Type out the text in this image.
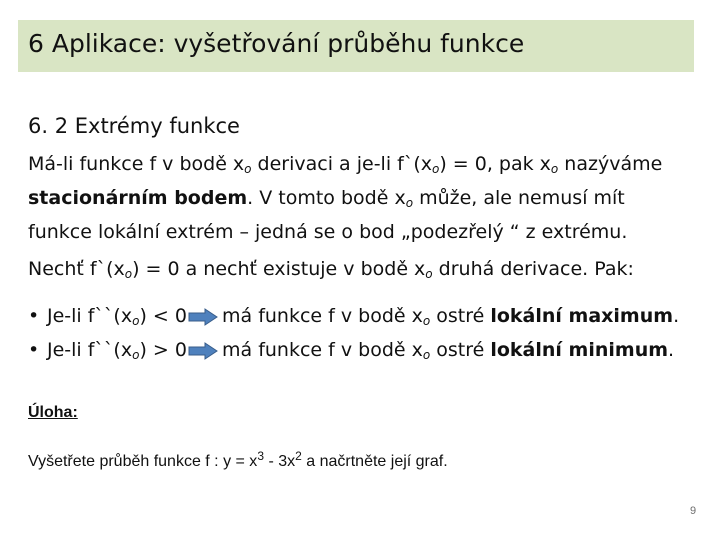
6 Aplikace: vyšetřování průběhu funkce
6. 2 Extrémy funkce
Má-li funkce f v bodě $x_o$ derivaci a je-li $f`(x_o) = 0$, pak $x_o$ nazýváme
stacionárním bodem. V tomto bodě $x_o$ může, ale nemusí mít
funkce lokální extrém – jedná se o bod „podezřelý “ z extrému.
Nechť $f`(x_o) = 0$ a nechť existuje v bodě $x_o$ druhá derivace. Pak:
• Je-li $f``(x_o) < 0$ má funkce f v bodě $x_o$ ostré lokální maximum.
• Je-li $f``(x_o) > 0$ má funkce f v bodě $x_o$ ostré lokální minimum.
Úloha:
Vyšetřete průběh funkce f : $y = x^3 - 3x^2$ a načrtněte její graf.
9
